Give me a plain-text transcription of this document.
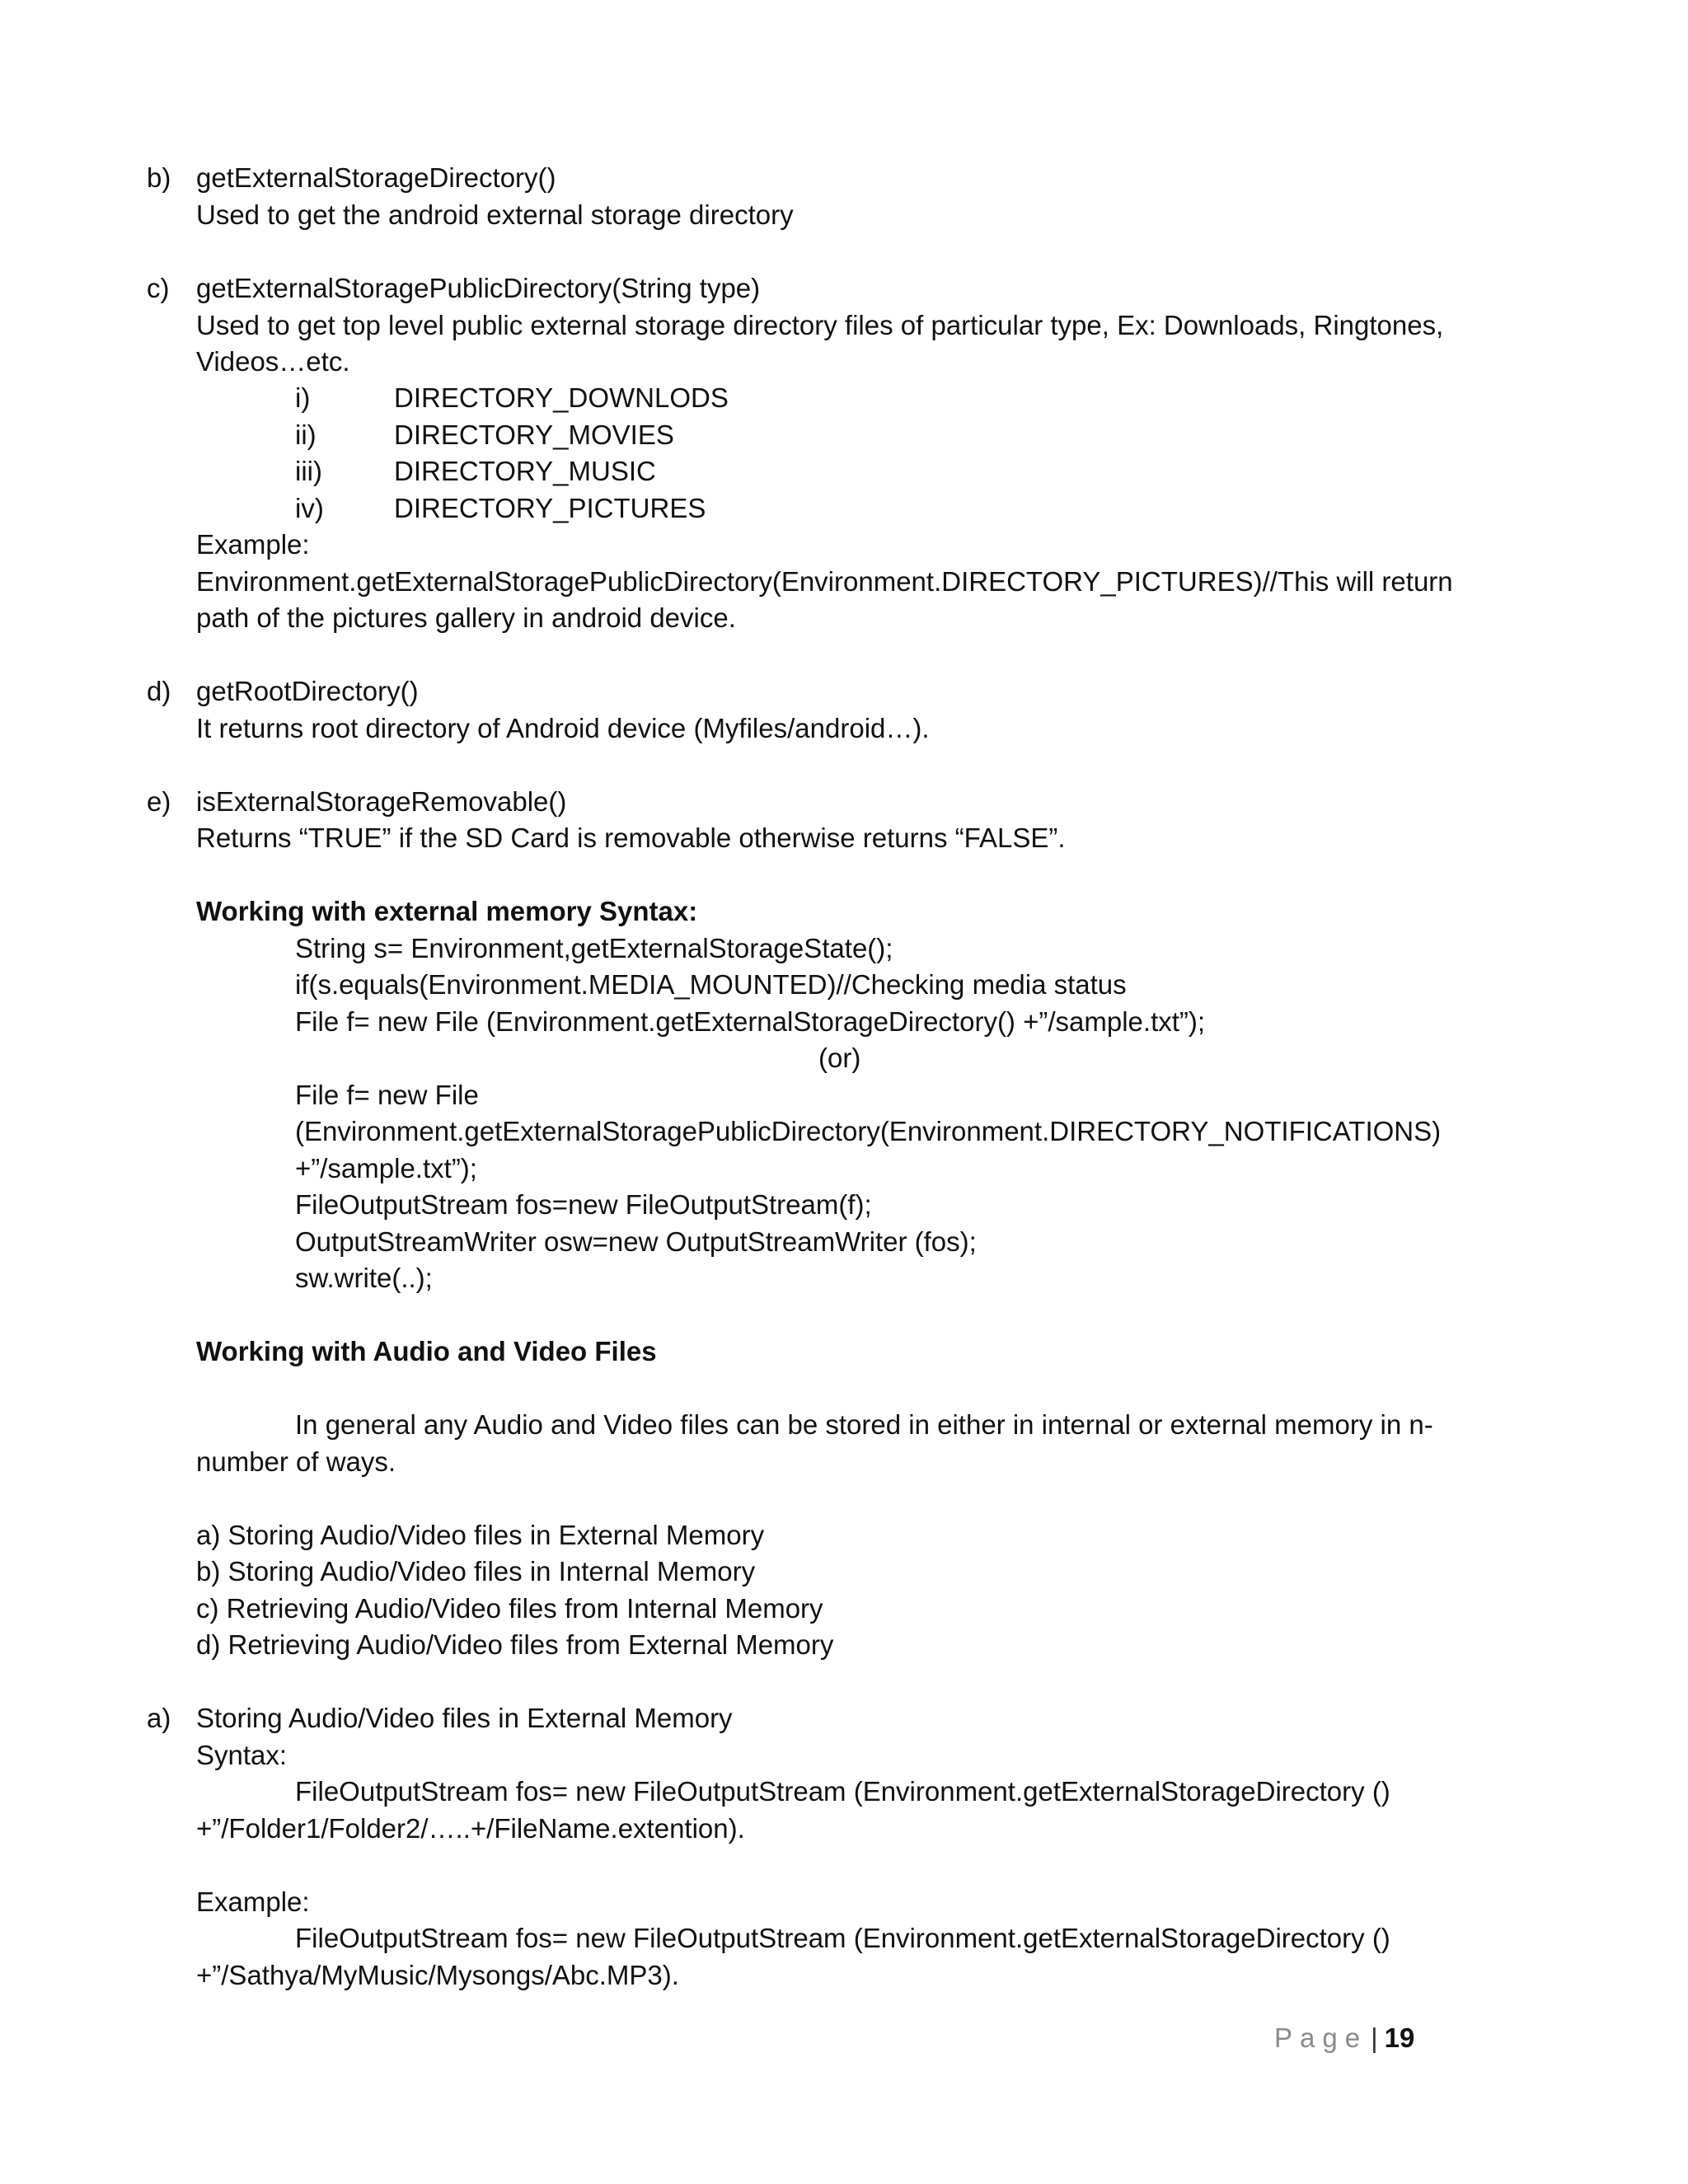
b) getExternalStorageDirectory()
Used to get the android external storage directory
c) getExternalStoragePublicDirectory(String type)
Used to get top level public external storage directory files of particular type, Ex: Downloads, Ringtones,
Videos…etc.
i)	DIRECTORY_DOWNLODS
ii)	DIRECTORY_MOVIES
iii)	DIRECTORY_MUSIC
iv)	DIRECTORY_PICTURES
Example:
Environment.getExternalStoragePublicDirectory(Environment.DIRECTORY_PICTURES)//This will return
path of the pictures gallery in android device.
d) getRootDirectory()
It returns root directory of Android device (Myfiles/android…).
e) isExternalStorageRemovable()
Returns “TRUE” if the SD Card is removable otherwise returns “FALSE”.
Working with external memory Syntax:
String s= Environment,getExternalStorageState();
if(s.equals(Environment.MEDIA_MOUNTED)//Checking media status
File f= new File (Environment.getExternalStorageDirectory() +”/sample.txt”);
(or)
File f= new File
(Environment.getExternalStoragePublicDirectory(Environment.DIRECTORY_NOTIFICATIONS)
+”/sample.txt”);
FileOutputStream fos=new FileOutputStream(f);
OutputStreamWriter osw=new OutputStreamWriter (fos);
sw.write(..);
Working with Audio and Video Files
In general any Audio and Video files can be stored in either in internal or external memory in n-
number of ways.
a) Storing Audio/Video files in External Memory
b) Storing Audio/Video files in Internal Memory
c) Retrieving Audio/Video files from Internal Memory
d) Retrieving Audio/Video files from External Memory
a) Storing Audio/Video files in External Memory
Syntax:
FileOutputStream fos= new FileOutputStream (Environment.getExternalStorageDirectory ()
+”/Folder1/Folder2/…..+/FileName.extention).
Example:
FileOutputStream fos= new FileOutputStream (Environment.getExternalStorageDirectory ()
+”/Sathya/MyMusic/Mysongs/Abc.MP3).
Page | 19
